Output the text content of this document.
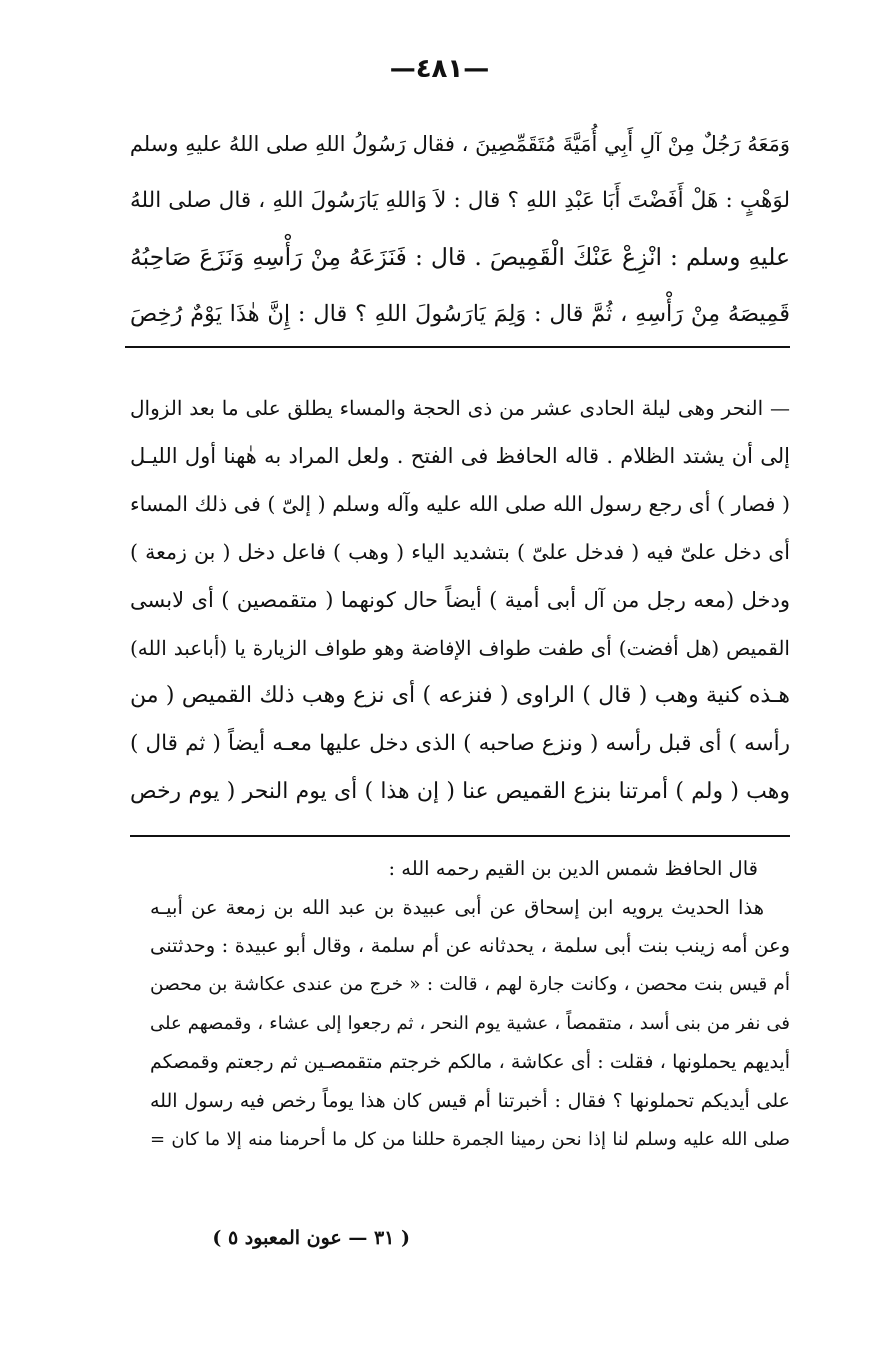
—٤٨١—
وَمَعَهُ رَجُلٌ مِنْ آلِ أَبِي أُمَيَّةَ مُتَقَمِّصِينَ ، فقال رَسُولُ اللهِ صلى اللهُ عليهِ وسلم
لوَهْبٍ : هَلْ أَفَضْتَ أَبَا عَبْدِ اللهِ ؟ قال : لاَ وَاللهِ يَارَسُولَ اللهِ ، قال صلى اللهُ
عليهِ وسلم : انْزِعْ عَنْكَ الْقَمِيصَ . قال : فَنَزَعَهُ مِنْ رَأْسِهِ وَنَزَعَ صَاحِبُهُ
قَمِيصَهُ مِنْ رَأْسِهِ ، ثُمَّ قال : وَلِمَ يَارَسُولَ اللهِ ؟ قال : إِنَّ هٰذَا يَوْمٌ رُخِصَ
— النحر وهى ليلة الحادى عشر من ذى الحجة والمساء يطلق على ما بعد الزوال
إلى أن يشتد الظلام . قاله الحافظ فى الفتح . ولعل المراد به هٰهنا أول الليـل
( فصار ) أى رجع رسول الله صلى الله عليه وآله وسلم ( إلىّ ) فى ذلك المساء
أى دخل علىّ فيه ( فدخل علىّ ) بتشديد الياء ( وهب ) فاعل دخل ( بن زمعة )
ودخل (معه رجل من آل أبى أمية ) أيضاً حال كونهما ( متقمصين ) أى لابسى
القميص (هل أفضت) أى طفت طواف الإفاضة وهو طواف الزيارة يا (أباعبد الله)
هـذه كنية وهب ( قال ) الراوى ( فنزعه ) أى نزع وهب ذلك القميص ( من
رأسه ) أى قبل رأسه ( ونزع صاحبه ) الذى دخل عليها معـه أيضاً ( ثم قال )
وهب ( ولم ) أمرتنا بنزع القميص عنا ( إن هذا ) أى يوم النحر ( يوم رخص
قال الحافظ شمس الدين بن القيم رحمه الله :
هذا الحديث يرويه ابن إسحاق عن أبى عبيدة بن عبد الله بن زمعة عن أبيـه
وعن أمه زينب بنت أبى سلمة ، يحدثانه عن أم سلمة ، وقال أبو عبيدة : وحدثتنى
أم قيس بنت محصن ، وكانت جارة لهم ، قالت : « خرج من عندى عكاشة بن محصن
فى نفر من بنى أسد ، متقمصاً ، عشية يوم النحر ، ثم رجعوا إلى عشاء ، وقمصهم على
أيديهم يحملونها ، فقلت : أى عكاشة ، مالكم خرجتم متقمصـين ثم رجعتم وقمصكم
على أيديكم تحملونها ؟ فقال : أخبرتنا أم قيس كان هذا يوماً رخص فيه رسول الله
صلى الله عليه وسلم لنا إذا نحن رمينا الجمرة حللنا من كل ما أحرمنا منه إلا ما كان =
( ٣١ — عون المعبود ٥ )
